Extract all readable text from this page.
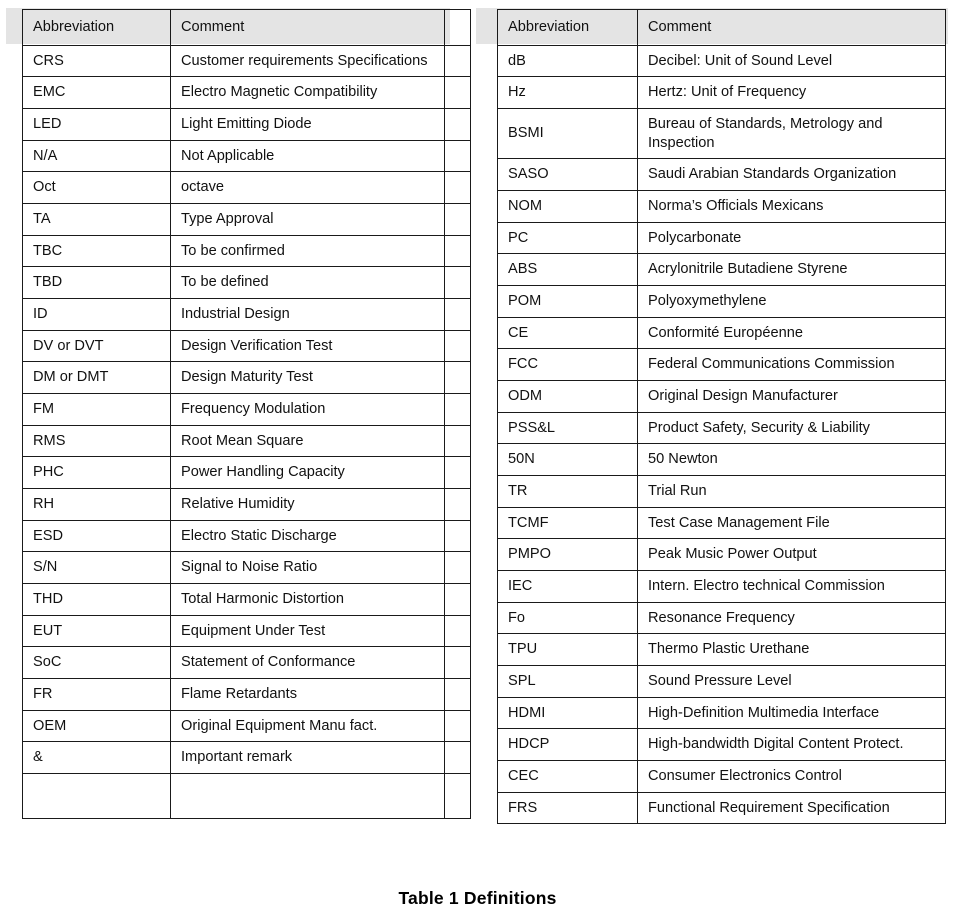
Abbreviation	Comment	
CRS	Customer requirements Specifications	
EMC	Electro Magnetic Compatibility	
LED	Light Emitting Diode	
N/A	Not Applicable	
Oct	octave	
TA	Type Approval	
TBC	To be confirmed	
TBD	To be defined	
ID	Industrial Design	
DV or DVT	Design Verification Test	
DM or DMT	Design Maturity Test	
FM	Frequency Modulation	
RMS	Root Mean Square	
PHC	Power Handling Capacity	
RH	Relative Humidity	
ESD	Electro Static Discharge	
S/N	Signal to Noise Ratio	
THD	Total Harmonic Distortion	
EUT	Equipment Under Test	
SoC	Statement of Conformance	
FR	Flame Retardants	
OEM	Original Equipment Manu fact.	
&	Important remark	

Abbreviation	Comment
dB	Decibel: Unit of Sound Level
Hz	Hertz: Unit of Frequency
BSMI	Bureau of Standards, Metrology and Inspection
SASO	Saudi Arabian Standards Organization
NOM	Norma’s Officials Mexicans
PC	Polycarbonate
ABS	Acrylonitrile Butadiene Styrene
POM	Polyoxymethylene
CE	Conformité Européenne
FCC	Federal Communications Commission
ODM	Original Design Manufacturer
PSS&L	Product Safety, Security & Liability
50N	50 Newton
TR	Trial Run
TCMF	Test Case Management File
PMPO	Peak Music Power Output
IEC	Intern. Electro technical Commission
Fo	Resonance Frequency
TPU	Thermo Plastic Urethane
SPL	Sound Pressure Level
HDMI	High-Definition Multimedia Interface
HDCP	High-bandwidth Digital Content Protect.
CEC	Consumer Electronics Control
FRS	Functional Requirement Specification
Table 1 Definitions
